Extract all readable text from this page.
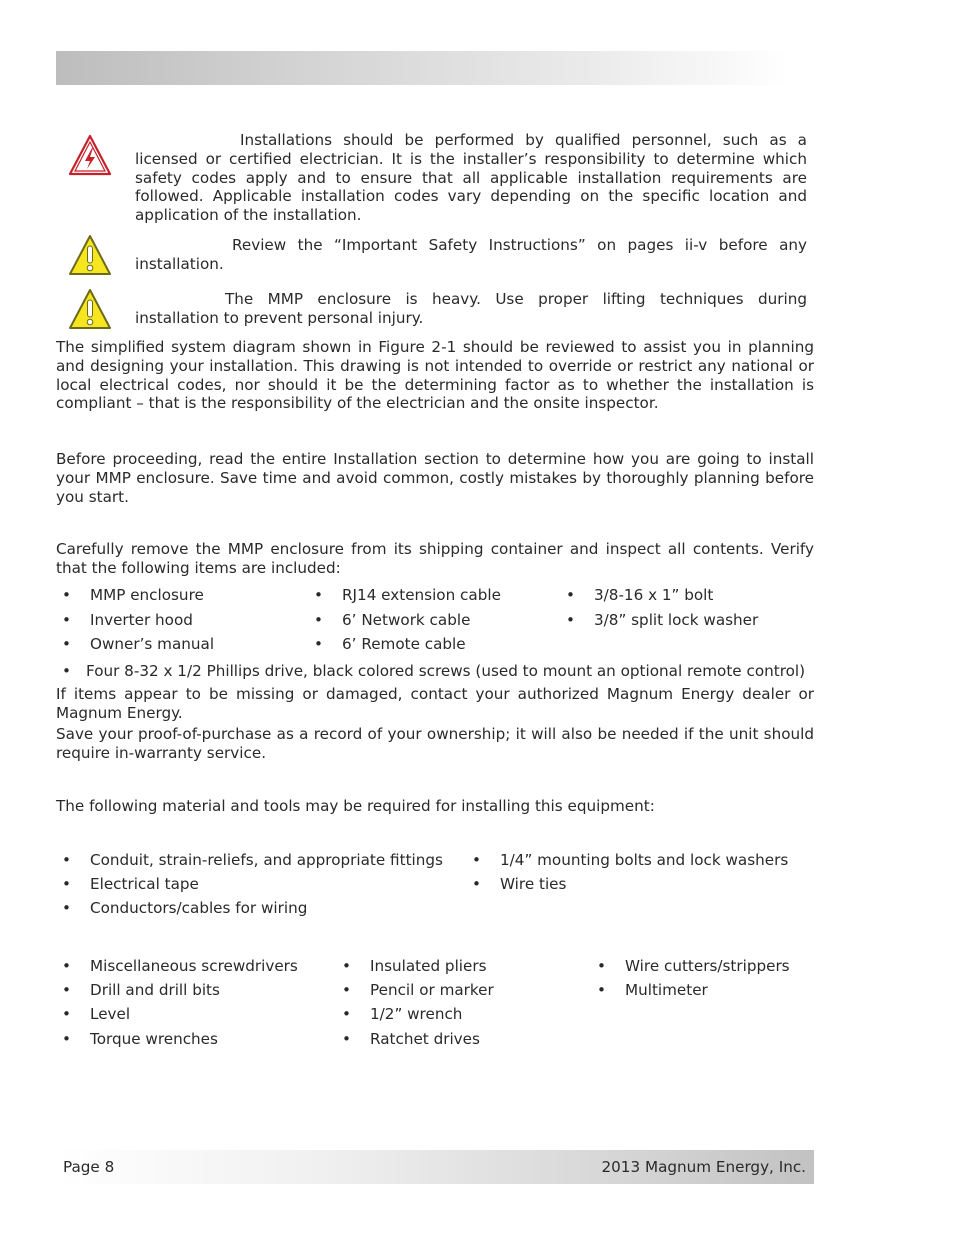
Installations should be performed by qualified personnel, such as a licensed or certified electrician. It is the installer’s responsibility to determine which safety codes apply and to ensure that all applicable installation requirements are followed. Applicable installation codes vary depending on the specific location and application of the installation.

Review the “Important Safety Instructions” on pages ii-v before any installation.

The MMP enclosure is heavy. Use proper lifting techniques during installation to prevent personal injury.

The simplified system diagram shown in Figure 2-1 should be reviewed to assist you in planning and designing your installation. This drawing is not intended to override or restrict any national or local electrical codes, nor should it be the determining factor as to whether the installation is compliant – that is the responsibility of the electrician and the onsite inspector.

Before proceeding, read the entire Installation section to determine how you are going to install your MMP enclosure. Save time and avoid common, costly mistakes by thoroughly planning before you start.

Carefully remove the MMP enclosure from its shipping container and inspect all contents. Verify that the following items are included:

• MMP enclosure
• Inverter hood
• Owner’s manual
• RJ14 extension cable
• 6’ Network cable
• 6’ Remote cable
• 3/8-16 x 1” bolt
• 3/8” split lock washer
• Four 8-32 x 1/2 Phillips drive, black colored screws (used to mount an optional remote control)

If items appear to be missing or damaged, contact your authorized Magnum Energy dealer or Magnum Energy.

Save your proof-of-purchase as a record of your ownership; it will also be needed if the unit should require in-warranty service.

The following material and tools may be required for installing this equipment:

• Conduit, strain-reliefs, and appropriate fittings
• Electrical tape
• Conductors/cables for wiring
• 1/4” mounting bolts and lock washers
• Wire ties
• Miscellaneous screwdrivers
• Drill and drill bits
• Level
• Torque wrenches
• Insulated pliers
• Pencil or marker
• 1/2” wrench
• Ratchet drives
• Wire cutters/strippers
• Multimeter
Page 8	2013 Magnum Energy, Inc.
